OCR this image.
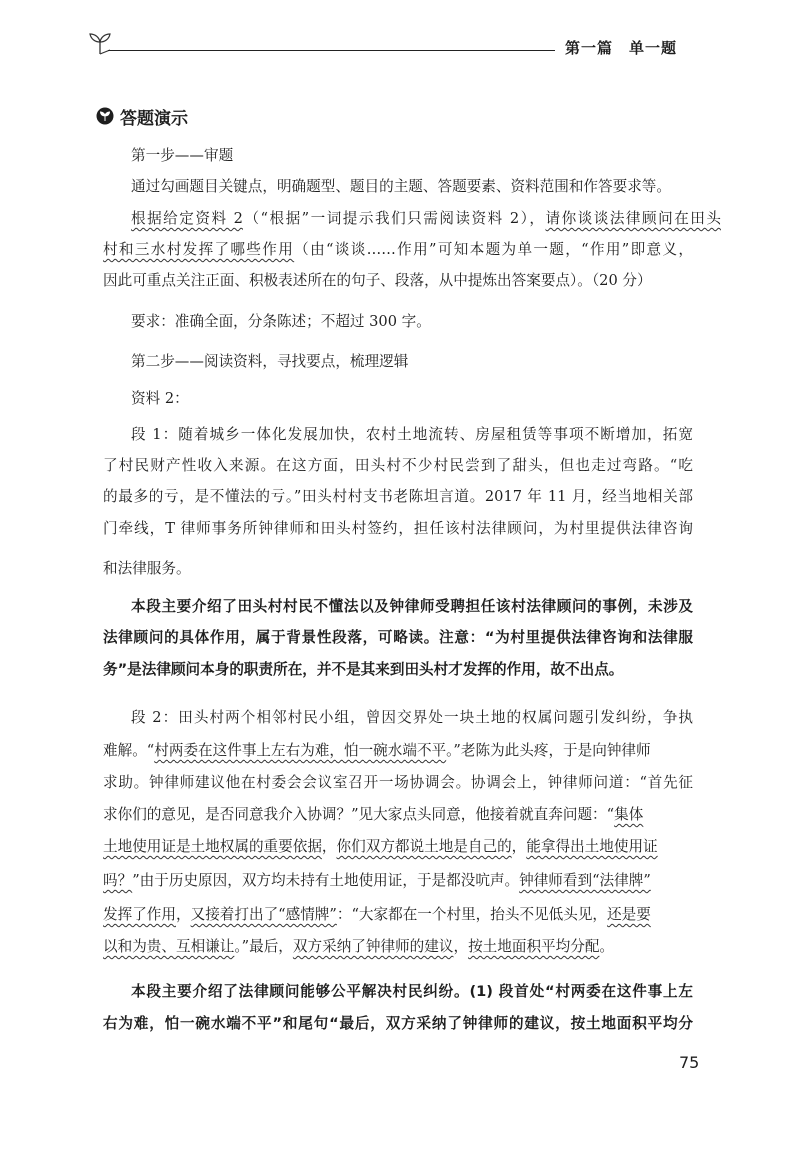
第一篇　单一题
答题演示
第一步——审题
通过勾画题目关键点，明确题型、题目的主题、答题要素、资料范围和作答要求等。
根据给定资料 2（“根据”一词提示我们只需阅读资料 2），请你谈谈法律顾问在田头
村和三水村发挥了哪些作用（由“谈谈……作用”可知本题为单一题，“作用”即意义，
因此可重点关注正面、积极表述所在的句子、段落，从中提炼出答案要点）。（20 分）
要求：准确全面，分条陈述；不超过 300 字。
第二步——阅读资料，寻找要点，梳理逻辑
资料 2：
段 1：随着城乡一体化发展加快，农村土地流转、房屋租赁等事项不断增加，拓宽
了村民财产性收入来源。在这方面，田头村不少村民尝到了甜头，但也走过弯路。“吃
的最多的亏，是不懂法的亏。”田头村村支书老陈坦言道。2017 年 11 月，经当地相关部
门牵线，T 律师事务所钟律师和田头村签约，担任该村法律顾问，为村里提供法律咨询
和法律服务。
本段主要介绍了田头村村民不懂法以及钟律师受聘担任该村法律顾问的事例，未涉及
法律顾问的具体作用，属于背景性段落，可略读。注意：“为村里提供法律咨询和法律服
务”是法律顾问本身的职责所在，并不是其来到田头村才发挥的作用，故不出点。
段 2：田头村两个相邻村民小组，曾因交界处一块土地的权属问题引发纠纷，争执
难解。“村两委在这件事上左右为难，怕一碗水端不平。”老陈为此头疼，于是向钟律师
求助。钟律师建议他在村委会会议室召开一场协调会。协调会上，钟律师问道：“首先征
求你们的意见，是否同意我介入协调？”见大家点头同意，他接着就直奔问题：“集体
土地使用证是土地权属的重要依据，你们双方都说土地是自己的，能拿得出土地使用证
吗？”由于历史原因，双方均未持有土地使用证，于是都没吭声。钟律师看到“法律牌”
发挥了作用，又接着打出了“感情牌”：“大家都在一个村里，抬头不见低头见，还是要
以和为贵、互相谦让。”最后，双方采纳了钟律师的建议，按土地面积平均分配。
本段主要介绍了法律顾问能够公平解决村民纠纷。(1) 段首处“村两委在这件事上左
右为难，怕一碗水端不平”和尾句“最后，双方采纳了钟律师的建议，按土地面积平均分
75
